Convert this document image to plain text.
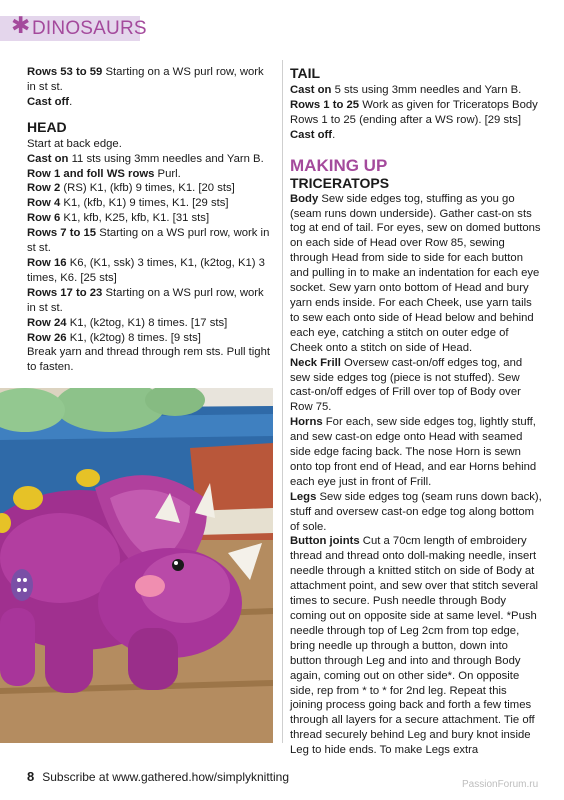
✱ DINOSAURS

Rows 53 to 59 Starting on a WS purl row, work in st st.

Cast off.

HEAD

Start at back edge.

Cast on 11 sts using 3mm needles and Yarn B.

Row 1 and foll WS rows Purl.

Row 2 (RS) K1, (kfb) 9 times, K1. [20 sts]

Row 4 K1, (kfb, K1) 9 times, K1. [29 sts]

Row 6 K1, kfb, K25, kfb, K1. [31 sts]

Rows 7 to 15 Starting on a WS purl row, work in st st.

Row 16 K6, (K1, ssk) 3 times, K1, (k2tog, K1) 3 times, K6. [25 sts]

Rows 17 to 23 Starting on a WS purl row, work in st st.

Row 24 K1, (k2tog, K1) 8 times. [17 sts]

Row 26 K1, (k2tog) 8 times. [9 sts]

Break yarn and thread through rem sts. Pull tight to fasten.

TAIL

Cast on 5 sts using 3mm needles and Yarn B.

Rows 1 to 25 Work as given for Triceratops Body Rows 1 to 25 (ending after a WS row). [29 sts]

Cast off.

MAKING UP
TRICERATOPS

Body Sew side edges tog, stuffing as you go (seam runs down underside). Gather cast-on sts tog at end of tail. For eyes, sew on domed buttons on each side of Head over Row 85, sewing through Head from side to side for each button and pulling in to make an indentation for each eye socket. Sew yarn onto bottom of Head and bury yarn ends inside. For each Cheek, use yarn tails to sew each onto side of Head below and behind each eye, catching a stitch on outer edge of Cheek onto a stitch on side of Head.

Neck Frill Oversew cast-on/off edges tog, and sew side edges tog (piece is not stuffed). Sew cast-on/off edges of Frill over top of Body over Row 75.

Horns For each, sew side edges tog, lightly stuff, and sew cast-on edge onto Head with seamed side edge facing back. The nose Horn is sewn onto top front end of Head, and ear Horns behind each eye just in front of Frill.

Legs Sew side edges tog (seam runs down back), stuff and oversew cast-on edge tog along bottom of sole.

Button joints Cut a 70cm length of embroidery thread and thread onto doll-making needle, insert needle through a knitted stitch on side of Body at attachment point, and sew over that stitch several times to secure. Push needle through Body coming out on opposite side at same level. *Push needle through top of Leg 2cm from top edge, bring needle up through a button, down into button through Leg and into and through Body again, coming out on other side*. On opposite side, rep from * to * for 2nd leg. Repeat this joining process going back and forth a few times through all layers for a secure attachment. Tie off thread securely behind Leg and bury knot inside Leg to hide ends. To make Legs extra

8 Subscribe at www.gathered.how/simplyknitting
PassionForum.ru
